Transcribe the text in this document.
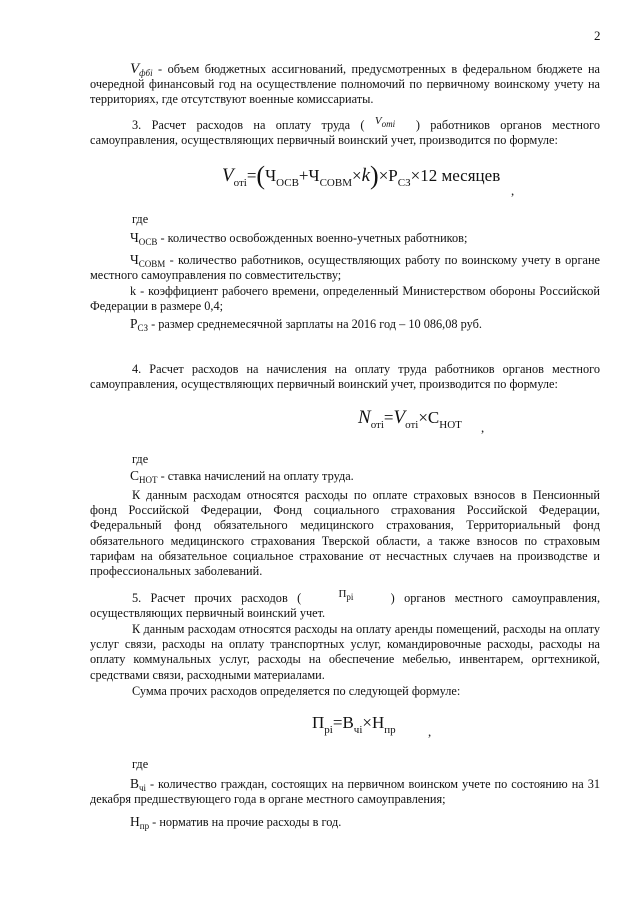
2
$V_{фбi}$ - объем бюджетных ассигнований, предусмотренных в федеральном бюджете на очередной финансовый год на осуществление полномочий по первичному воинскому учету на территориях, где отсутствуют военные комиссариаты.
3. Расчет расходов на оплату труда ( $^{V_{отi}}$ ) работников органов местного самоуправления, осуществляющих первичный воинский учет, производится по формуле:
$V_{отi}=(Ч_{ОСВ}+Ч_{СОВМ}\times k)\times Р_{СЗ}\times 12$ месяцев
,
где
$Ч_{ОСВ}$ - количество освобожденных военно-учетных работников;
$Ч_{СОВМ}$ - количество работников, осуществляющих работу по воинскому учету в органе местного самоуправления по совместительству;
k - коэффициент рабочего времени, определенный Министерством обороны Российской Федерации в размере 0,4;
$Р_{СЗ}$ - размер среднемесячной зарплаты на 2016 год – 10 086,08 руб.
4. Расчет расходов на начисления на оплату труда работников органов местного самоуправления, осуществляющих первичный воинский учет, производится по формуле:
$N_{отi}=V_{отi}\times С_{НОТ}$ ,
где
$С_{НОТ}$ - ставка начислений на оплату труда.
К данным расходам относятся расходы по оплате страховых взносов в Пенсионный фонд Российской Федерации, Фонд социального страхования Российской Федерации, Федеральный фонд обязательного медицинского страхования, Территориальный фонд обязательного медицинского страхования Тверской области, а также взносов по страховым тарифам на обязательное социальное страхование от несчастных случаев на производстве и профессиональных заболеваний.
5. Расчет прочих расходов (	$^{П_{рi}}$	) органов местного самоуправления, осуществляющих первичный воинский учет.
К данным расходам относятся расходы на оплату аренды помещений, расходы на оплату услуг связи, расходы на оплату транспортных услуг, командировочные расходы, расходы на оплату коммунальных услуг, расходы на обеспечение мебелью, инвентарем, оргтехникой, средствами связи, расходными материалами.
Сумма прочих расходов определяется по следующей формуле:
$П_{рi}=В_{чi}\times Н_{пр}$ ,
где
$В_{чi}$ - количество граждан, состоящих на первичном воинском учете по состоянию на 31 декабря предшествующего года в органе местного самоуправления;
$Н_{пр}$ - норматив на прочие расходы в год.
